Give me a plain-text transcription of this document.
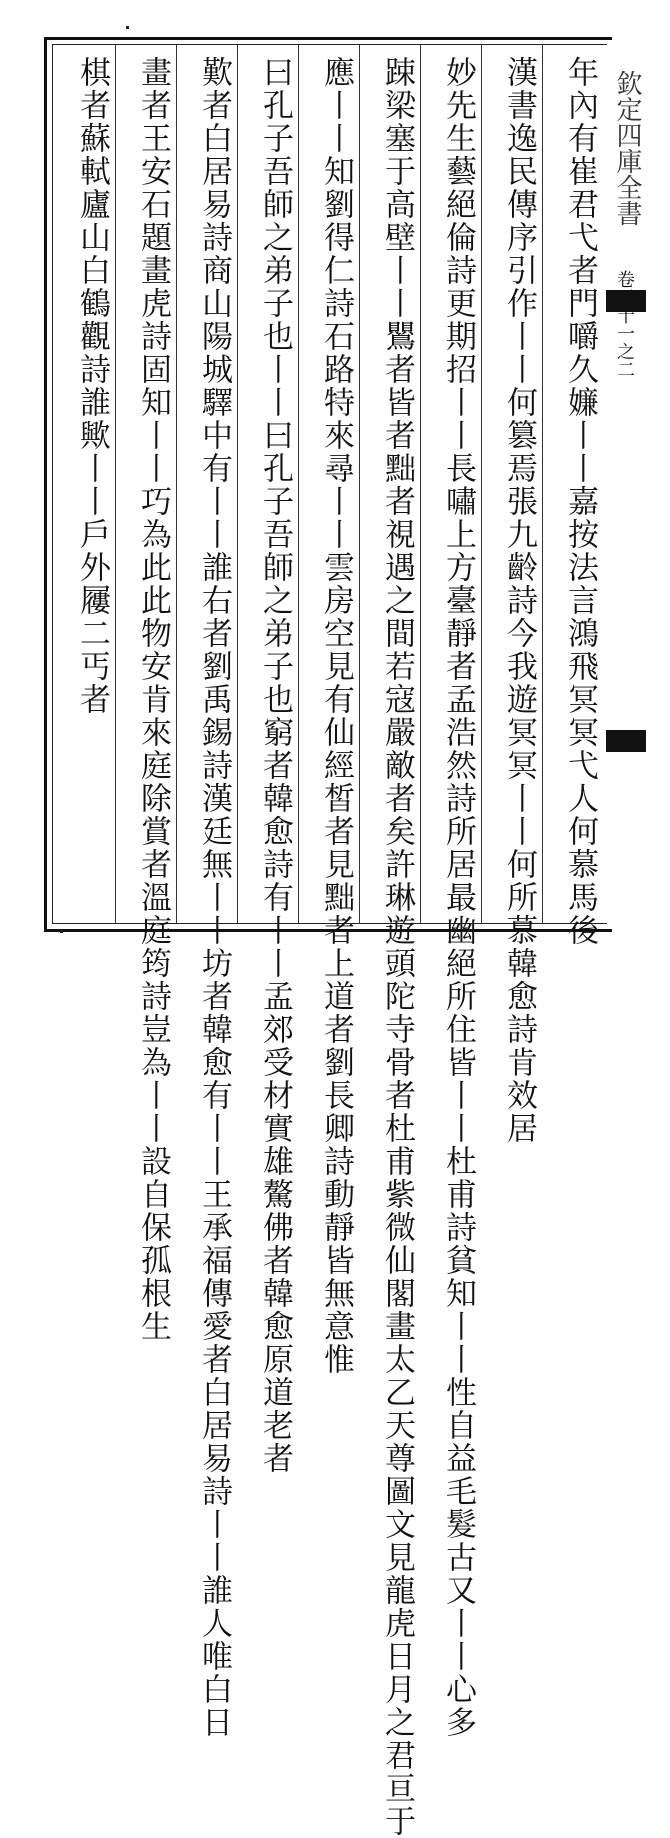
欽定四庫全書
卷五十一之二
年內有崔君弋者門嚼久嬚丨丨嘉按法言鴻飛冥冥弋人何慕馬後
漢書逸民傳序引作丨丨何篡焉張九齡詩今我遊冥冥丨丨何所慕韓愈詩肯效居
妙先生藝絕倫詩更期招丨丨長嘯上方臺靜者孟浩然詩所居最幽絕所住皆丨丨杜甫詩貧知丨丨性自益毛髮古又丨丨心多
踈梁塞于高壁丨丨鸎者皆者黜者視遇之間若寇嚴敵者矣許琳遊頭陀寺骨者杜甫紫微仙閣畫太乙天尊圖文見龍虎日月之君亘于
應丨丨知劉得仁詩石路特來尋丨丨雲房空見有仙經皙者見黜者上道者劉長卿詩動靜皆無意惟
曰孔子吾師之弟子也丨丨曰孔子吾師之弟子也窮者韓愈詩有丨丨孟郊受材實雄驁佛者韓愈原道老者
歎者白居易詩商山陽城驛中有丨丨誰右者劉禹錫詩漢廷無丨丨坊者韓愈有丨丨王承福傳愛者白居易詩丨丨誰人唯白日
畫者王安石題畫虎詩固知丨丨巧為此此物安肯來庭除賞者溫庭筠詩豈為丨丨設自保孤根生
棋者蘇軾廬山白鶴觀詩誰歟丨丨戶外屨二丐者
